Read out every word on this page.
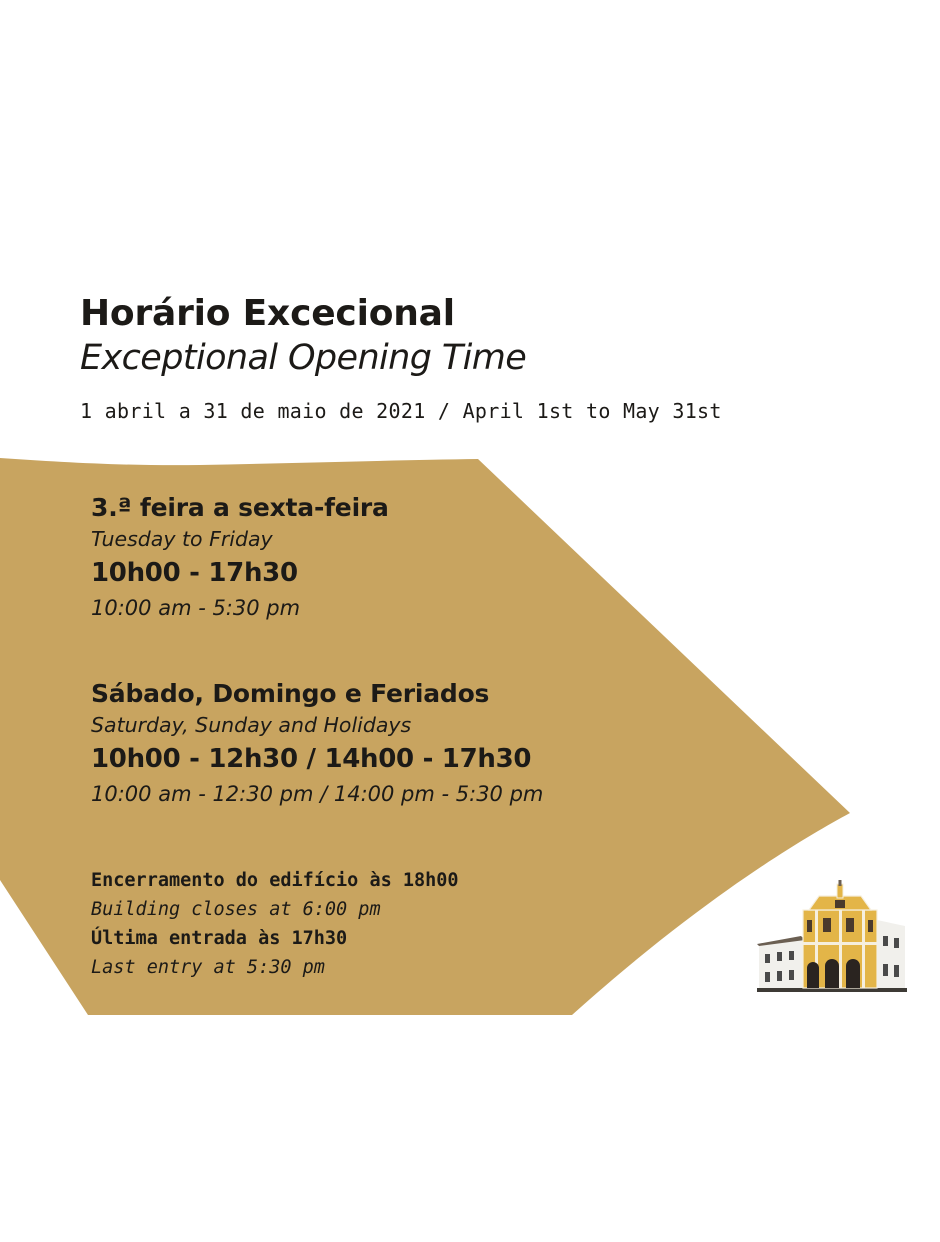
Horário Excecional
Exceptional Opening Time
1 abril a 31 de maio de 2021 / April 1st to May 31st
3.ª feira a sexta-feira
Tuesday to Friday
10h00 - 17h30
10:00 am - 5:30 pm
Sábado, Domingo e Feriados
Saturday, Sunday and Holidays
10h00 - 12h30 / 14h00 - 17h30
10:00 am - 12:30 pm / 14:00 pm - 5:30 pm
Encerramento do edifício às 18h00
Building closes at 6:00 pm
Última entrada às 17h30
Last entry at 5:30 pm
